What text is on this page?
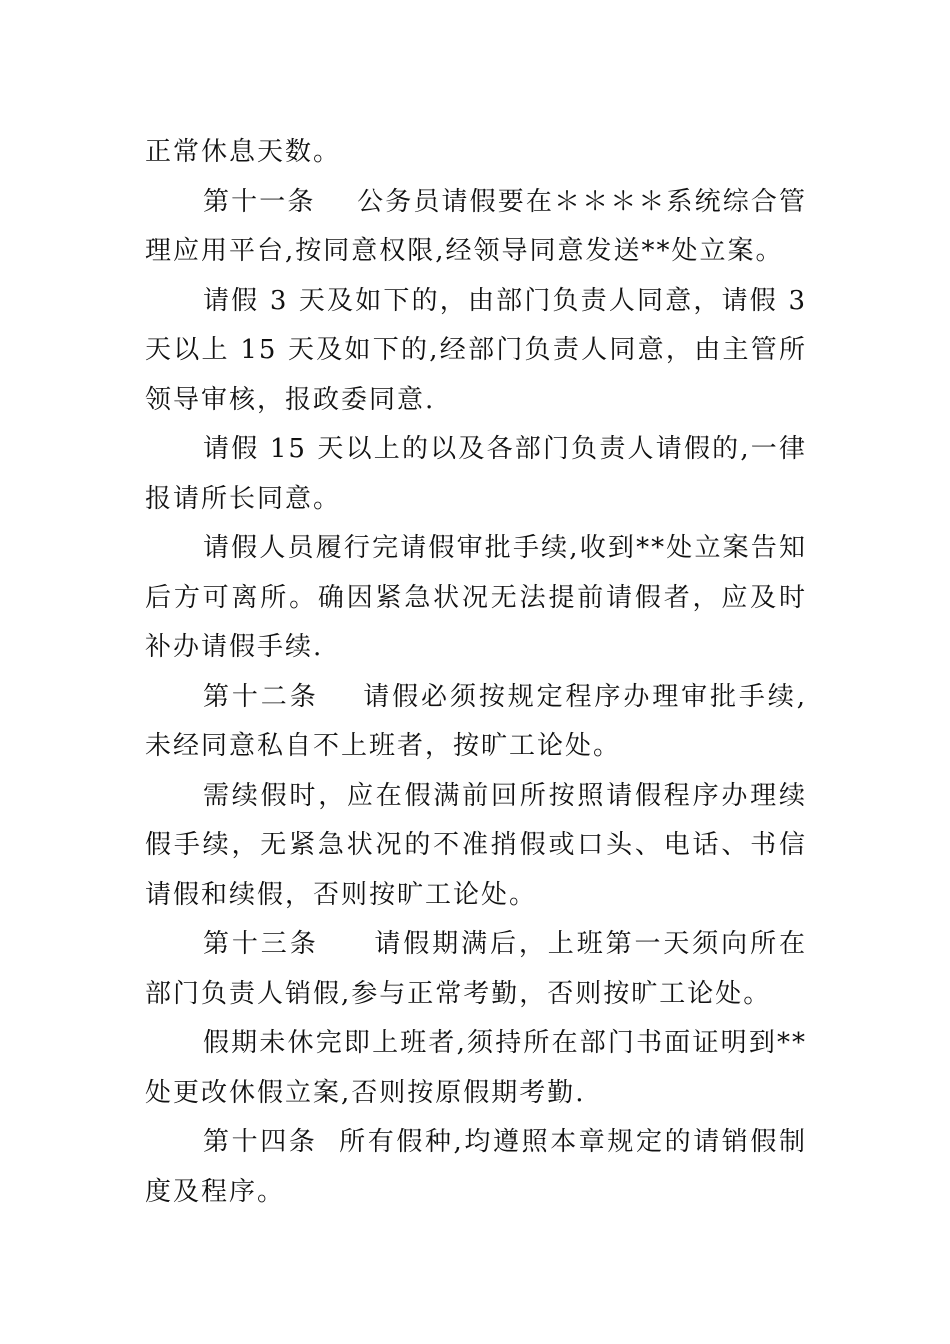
正常休息天数。

第十一条 公务员请假要在＊＊＊＊系统综合管理应用平台,按同意权限,经领导同意发送**处立案。

请假 3 天及如下的，由部门负责人同意，请假 3 天以上 15 天及如下的,经部门负责人同意，由主管所领导审核，报政委同意.

请假 15 天以上的以及各部门负责人请假的,一律报请所长同意。

请假人员履行完请假审批手续,收到**处立案告知后方可离所。确因紧急状况无法提前请假者，应及时补办请假手续.

第十二条 请假必须按规定程序办理审批手续,未经同意私自不上班者，按旷工论处。

需续假时，应在假满前回所按照请假程序办理续假手续，无紧急状况的不准捎假或口头、电话、书信请假和续假，否则按旷工论处。

第十三条 请假期满后，上班第一天须向所在部门负责人销假,参与正常考勤，否则按旷工论处。

假期未休完即上班者,须持所在部门书面证明到**处更改休假立案,否则按原假期考勤.

第十四条 所有假种,均遵照本章规定的请销假制度及程序。
